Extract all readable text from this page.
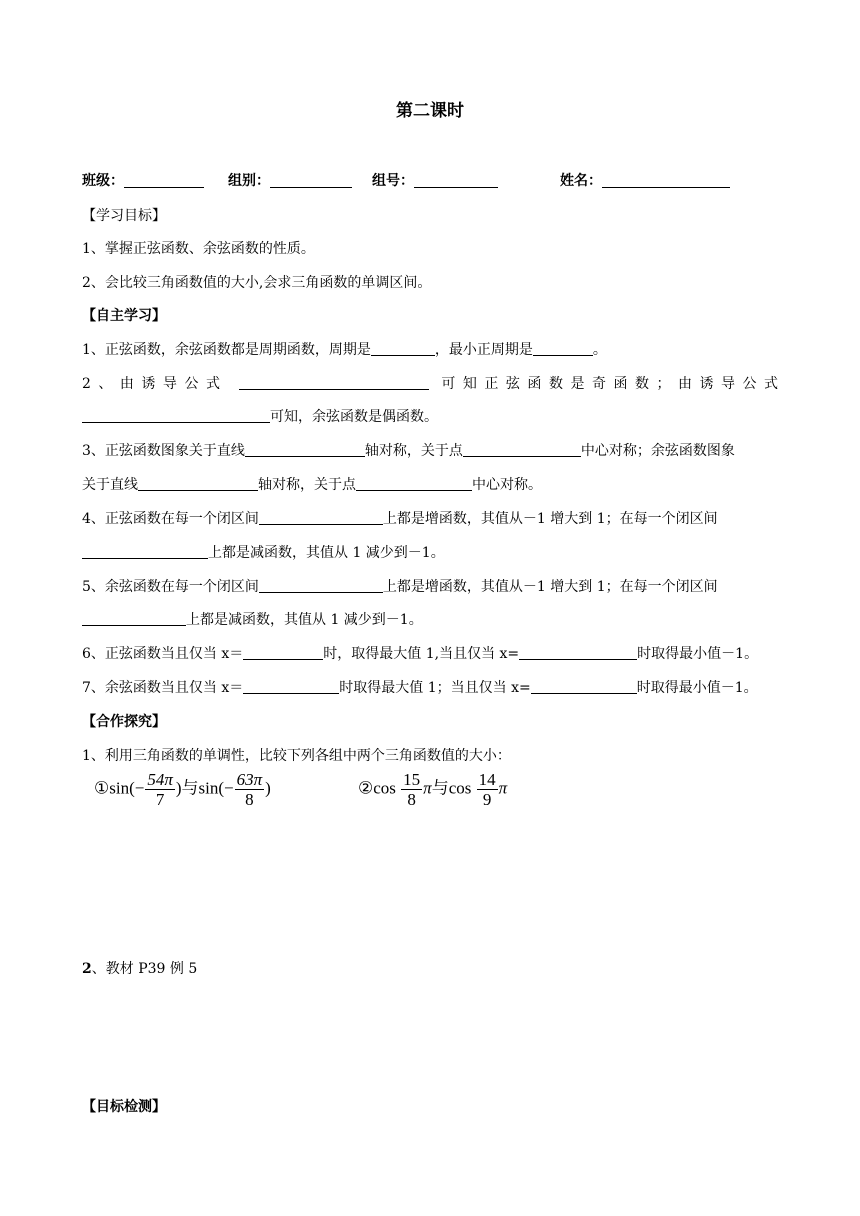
第二课时
班级：	组别：	组号：	姓名：
【学习目标】
1、掌握正弦函数、余弦函数的性质。
2、会比较三角函数值的大小,会求三角函数的单调区间。
【自主学习】
1、正弦函数，余弦函数都是周期函数，周期是	，最小正周期是	。
2、由诱导公式	可知正弦函数是奇函数；由诱导公式
可知，余弦函数是偶函数。
3、正弦函数图象关于直线	轴对称，关于点	中心对称；余弦函数图象
关于直线	轴对称，关于点	中心对称。
4、正弦函数在每一个闭区间	上都是增函数，其值从－1 增大到 1；在每一个闭区间
上都是减函数，其值从 1 减少到－1。
5、余弦函数在每一个闭区间	上都是增函数，其值从－1 增大到 1；在每一个闭区间
上都是减函数，其值从 1 减少到－1。
6、正弦函数当且仅当 x＝	时，取得最大值 1,当且仅当 x=	时取得最小值－1。
7、余弦函数当且仅当 x＝	时取得最大值 1；当且仅当 x=	时取得最小值－1。
【合作探究】
1、利用三角函数的单调性，比较下列各组中两个三角函数值的大小：
①sin(− $\frac{54\pi}{7}$ )与$\sin(- \frac{63\pi}{8}$ )	②cos $\frac{15}{8}$ π与$\cos \frac{14}{9}$ π
2、教材 P39 例 5
【目标检测】
